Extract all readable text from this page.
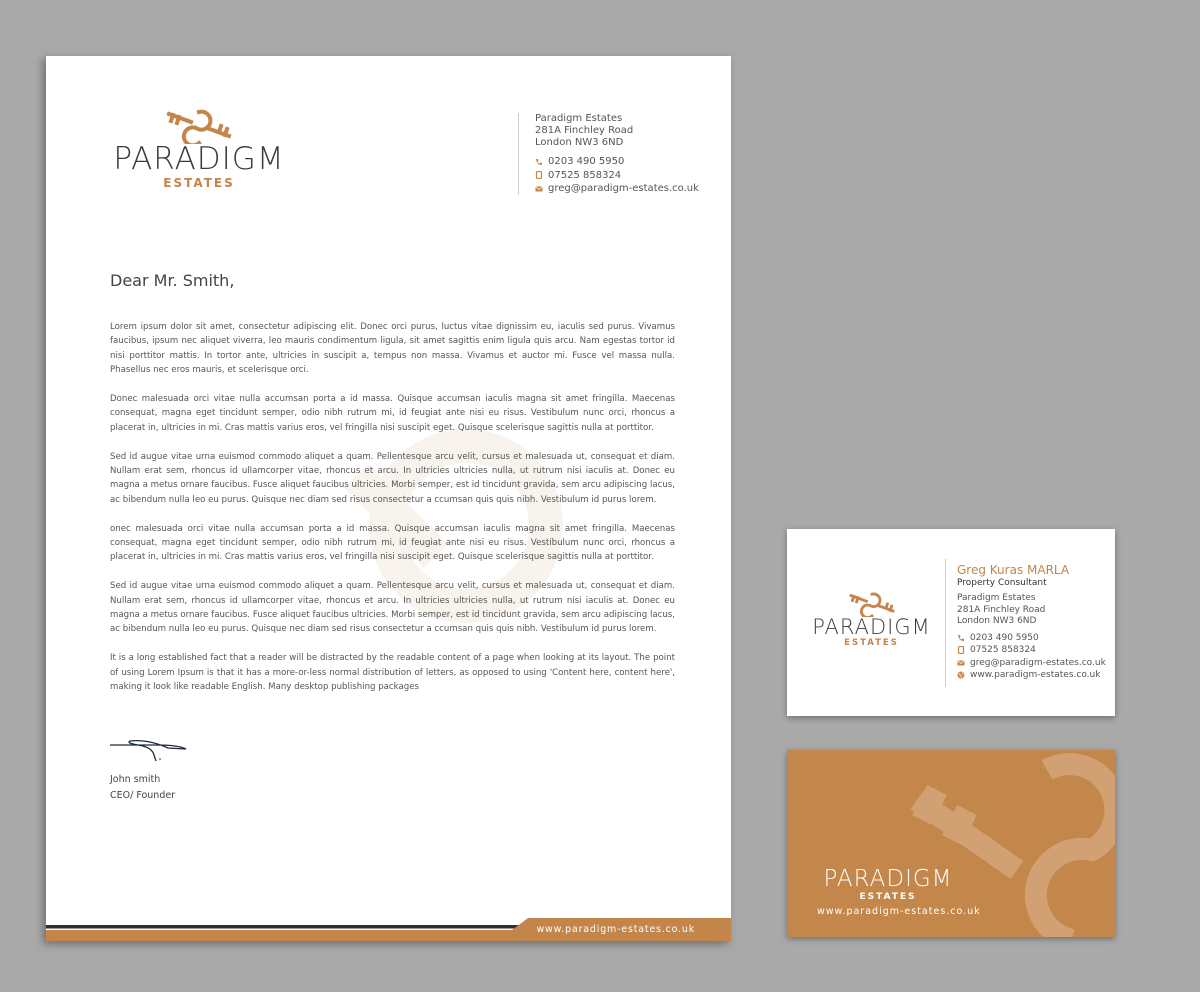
PARADIGM
ESTATES
Paradigm Estates
281A Finchley Road
London NW3 6ND
0203 490 5950
07525 858324
greg@paradigm-estates.co.uk
Dear Mr. Smith,

Lorem ipsum dolor sit amet, consectetur adipiscing elit. Donec orci purus, luctus vitae dignissim eu, iaculis sed purus. Vivamus faucibus, ipsum nec aliquet viverra, leo mauris condimentum ligula, sit amet sagittis enim ligula quis arcu. Nam egestas tortor id nisi porttitor mattis. In tortor ante, ultricies in suscipit a, tempus non massa. Vivamus et auctor mi. Fusce vel massa nulla. Phasellus nec eros mauris, et scelerisque orci.

Donec malesuada orci vitae nulla accumsan porta a id massa. Quisque accumsan iaculis magna sit amet fringilla. Maecenas consequat, magna eget tincidunt semper, odio nibh rutrum mi, id feugiat ante nisi eu risus. Vestibulum nunc orci, rhoncus a placerat in, ultricies in mi. Cras mattis varius eros, vel fringilla nisi suscipit eget. Quisque scelerisque sagittis nulla at porttitor.

Sed id augue vitae urna euismod commodo aliquet a quam. Pellentesque arcu velit, cursus et malesuada ut, consequat et diam. Nullam erat sem, rhoncus id ullamcorper vitae, rhoncus et arcu. In ultricies ultricies nulla, ut rutrum nisi iaculis at. Donec eu magna a metus ornare faucibus. Fusce aliquet faucibus ultricies. Morbi semper, est id tincidunt gravida, sem arcu adipiscing lacus, ac bibendum nulla leo eu purus. Quisque nec diam sed risus consectetur a ccumsan quis quis nibh. Vestibulum id purus lorem.

onec malesuada orci vitae nulla accumsan porta a id massa. Quisque accumsan iaculis magna sit amet fringilla. Maecenas consequat, magna eget tincidunt semper, odio nibh rutrum mi, id feugiat ante nisi eu risus. Vestibulum nunc orci, rhoncus a placerat in, ultricies in mi. Cras mattis varius eros, vel fringilla nisi suscipit eget. Quisque scelerisque sagittis nulla at porttitor.

Sed id augue vitae urna euismod commodo aliquet a quam. Pellentesque arcu velit, cursus et malesuada ut, consequat et diam. Nullam erat sem, rhoncus id ullamcorper vitae, rhoncus et arcu. In ultricies ultricies nulla, ut rutrum nisi iaculis at. Donec eu magna a metus ornare faucibus. Fusce aliquet faucibus ultricies. Morbi semper, est id tincidunt gravida, sem arcu adipiscing lacus, ac bibendum nulla leo eu purus. Quisque nec diam sed risus consectetur a ccumsan quis quis nibh. Vestibulum id purus lorem.

It is a long established fact that a reader will be distracted by the readable content of a page when looking at its layout. The point of using Lorem Ipsum is that it has a more-or-less normal distribution of letters, as opposed to using 'Content here, content here', making it look like readable English. Many desktop publishing packages

John smith
CEO/ Founder
www.paradigm-estates.co.uk
PARADIGM
ESTATES
Greg Kuras MARLA
Property Consultant
Paradigm Estates
281A Finchley Road
London NW3 6ND
0203 490 5950
07525 858324
greg@paradigm-estates.co.uk
www.paradigm-estates.co.uk
PARADIGM
ESTATES
www.paradigm-estates.co.uk
